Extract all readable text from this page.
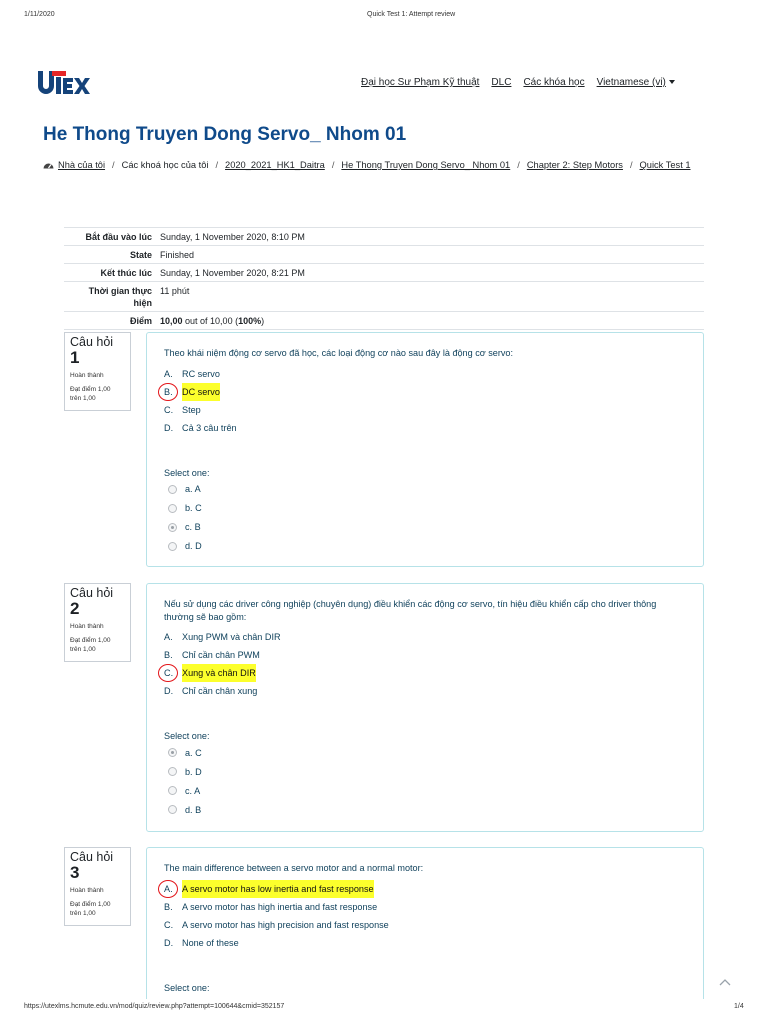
1/11/2020	Quick Test 1: Attempt review
Đại học Sư Phạm Kỹ thuật DLC Các khóa học Vietnamese (vi)
He Thong Truyen Dong Servo_ Nhom 01
Nhà của tôi / Các khoá học của tôi / 2020_2021_HK1_Daitra / He Thong Truyen Dong Servo_ Nhom 01 / Chapter 2: Step Motors / Quick Test 1
Bắt đầu vào lúc	Sunday, 1 November 2020, 8:10 PM
State	Finished
Kết thúc lúc	Sunday, 1 November 2020, 8:21 PM
Thời gian thực hiện	11 phút
Điểm	10,00 out of 10,00 (100%)
Câu hỏi
1
Hoàn thành
Đạt điểm 1,00 trên 1,00
Theo khái niệm động cơ servo đã học, các loại động cơ nào sau đây là động cơ servo:
A.	RC servo
B.	DC servo
C. Step
D. Cả 3 câu trên
Select one:
a. A
b. C
c. B
d. D
Câu hỏi
2
Hoàn thành
Đạt điểm 1,00 trên 1,00
Nếu sử dụng các driver công nghiệp (chuyên dụng) điều khiển các động cơ servo, tín hiệu điều khiển cấp cho driver thông thường sẽ bao gồm:
A.	Xung PWM và chân DIR
B.	Chỉ cần chân PWM
C. Xung và chân DIR
D. Chỉ cần chân xung
Select one:
a. C
b. D
c. A
d. B
Câu hỏi
3
Hoàn thành
Đạt điểm 1,00 trên 1,00
The main difference between a servo motor and a normal motor:
A.	A servo motor has low inertia and fast response
B.	A servo motor has high inertia and fast response
C. A servo motor has high precision and fast response
D. None of these
Select one:
https://utexlms.hcmute.edu.vn/mod/quiz/review.php?attempt=100644&cmid=352157	1/4
